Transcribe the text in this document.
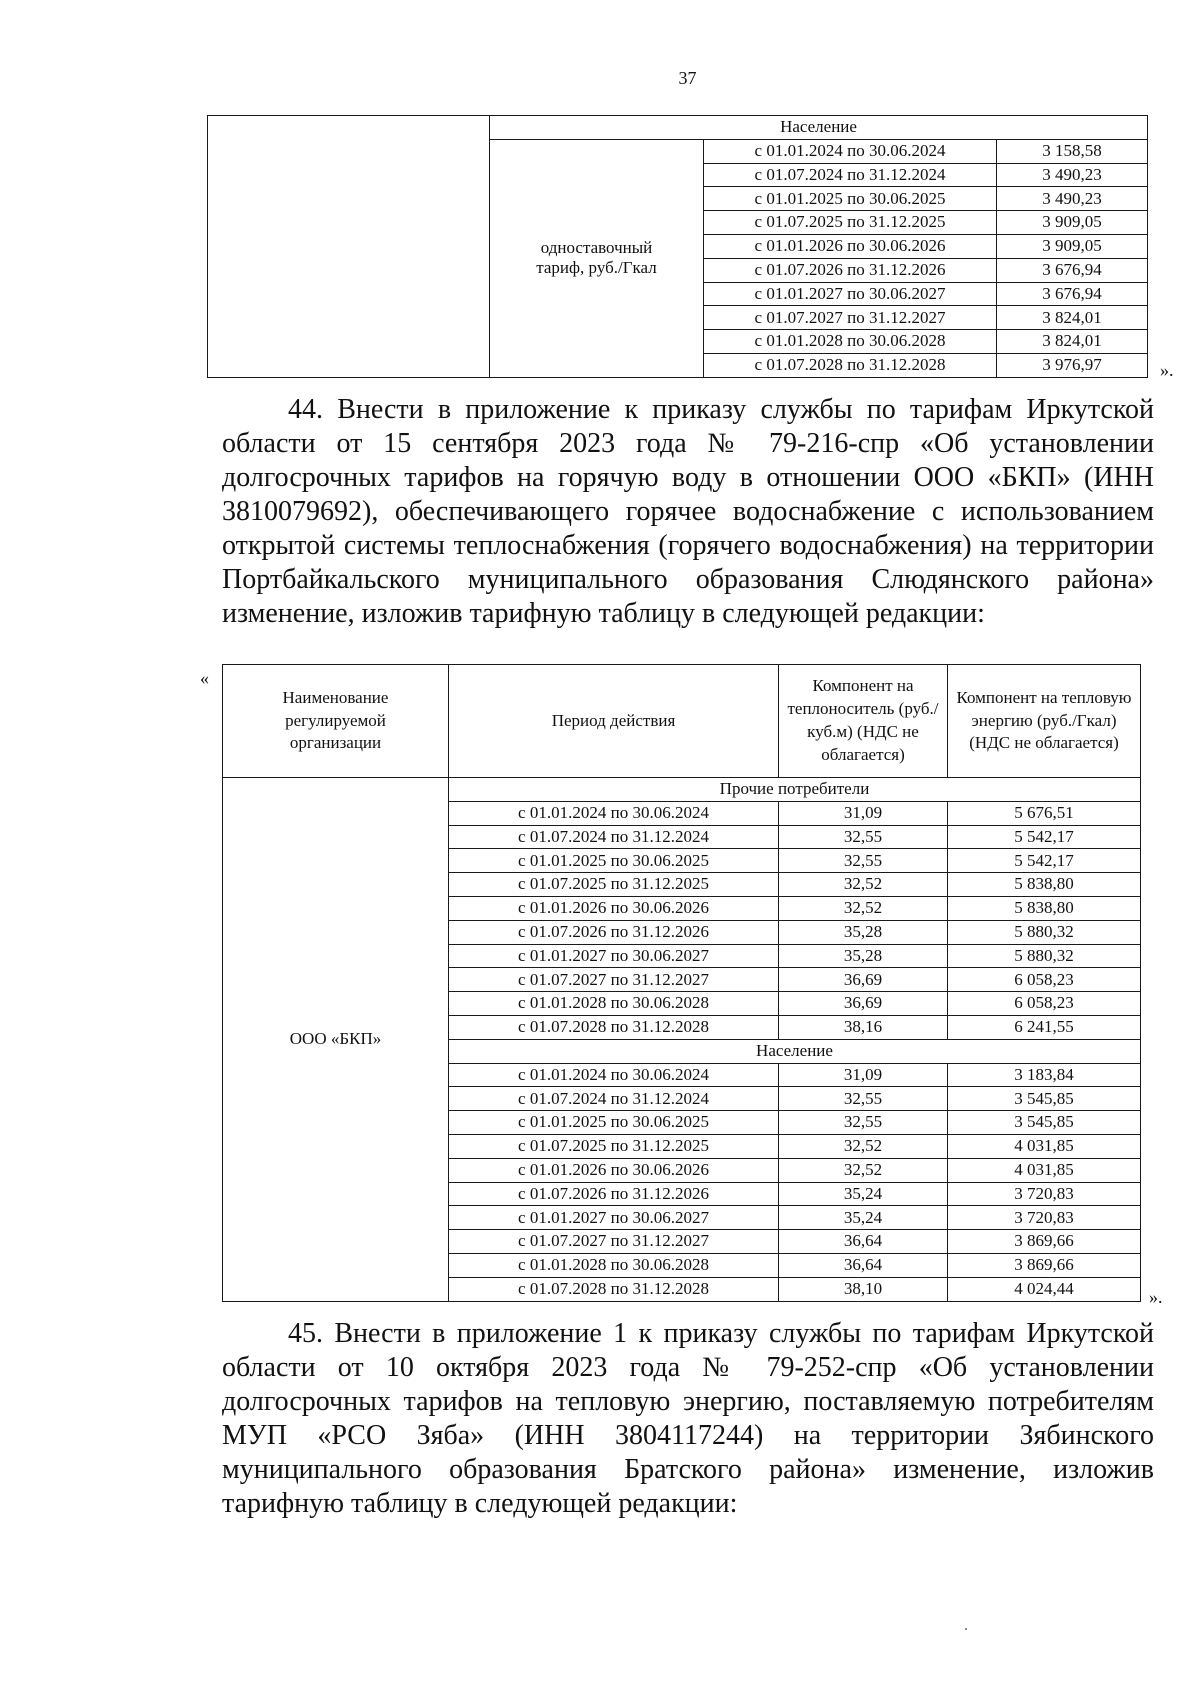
37
	Население		
	одноставочный тариф, руб./Гкал	с 01.01.2024 по 30.06.2024	3 158,58
		с 01.07.2024 по 31.12.2024	3 490,23
		с 01.01.2025 по 30.06.2025	3 490,23
		с 01.07.2025 по 31.12.2025	3 909,05
		с 01.01.2026 по 30.06.2026	3 909,05
		с 01.07.2026 по 31.12.2026	3 676,94
		с 01.01.2027 по 30.06.2027	3 676,94
		с 01.07.2027 по 31.12.2027	3 824,01
		с 01.01.2028 по 30.06.2028	3 824,01
		с 01.07.2028 по 31.12.2028	3 976,97	».
44. Внести в приложение к приказу службы по тарифам Иркутской области от 15 сентября 2023 года № 79-216-спр «Об установлении долгосрочных тарифов на горячую воду в отношении ООО «БКП» (ИНН 3810079692), обеспечивающего горячее водоснабжение с использованием открытой системы теплоснабжения (горячего водоснабжения) на территории Портбайкальского муниципального образования Слюдянского района» изменение, изложив тарифную таблицу в следующей редакции:
«
Наименование регулируемой организации	Период действия	Компонент на теплоноситель (руб./куб.м) (НДС не облагается)	Компонент на тепловую энергию (руб./Гкал) (НДС не облагается)
ООО «БКП»	Прочие потребители		
	с 01.01.2024 по 30.06.2024	31,09	5 676,51
	с 01.07.2024 по 31.12.2024	32,55	5 542,17
	с 01.01.2025 по 30.06.2025	32,55	5 542,17
	с 01.07.2025 по 31.12.2025	32,52	5 838,80
	с 01.01.2026 по 30.06.2026	32,52	5 838,80
	с 01.07.2026 по 31.12.2026	35,28	5 880,32
	с 01.01.2027 по 30.06.2027	35,28	5 880,32
	с 01.07.2027 по 31.12.2027	36,69	6 058,23
	с 01.01.2028 по 30.06.2028	36,69	6 058,23
	с 01.07.2028 по 31.12.2028	38,16	6 241,55
	Население		
	с 01.01.2024 по 30.06.2024	31,09	3 183,84
	с 01.07.2024 по 31.12.2024	32,55	3 545,85
	с 01.01.2025 по 30.06.2025	32,55	3 545,85
	с 01.07.2025 по 31.12.2025	32,52	4 031,85
	с 01.01.2026 по 30.06.2026	32,52	4 031,85
	с 01.07.2026 по 31.12.2026	35,24	3 720,83
	с 01.01.2027 по 30.06.2027	35,24	3 720,83
	с 01.07.2027 по 31.12.2027	36,64	3 869,66
	с 01.01.2028 по 30.06.2028	36,64	3 869,66
	с 01.07.2028 по 31.12.2028	38,10	4 024,44	».
45. Внести в приложение 1 к приказу службы по тарифам Иркутской области от 10 октября 2023 года № 79-252-спр «Об установлении долгосрочных тарифов на тепловую энергию, поставляемую потребителям МУП «РСО Зяба» (ИНН 3804117244) на территории Зябинского муниципального образования Братского района» изменение, изложив тарифную таблицу в следующей редакции:
